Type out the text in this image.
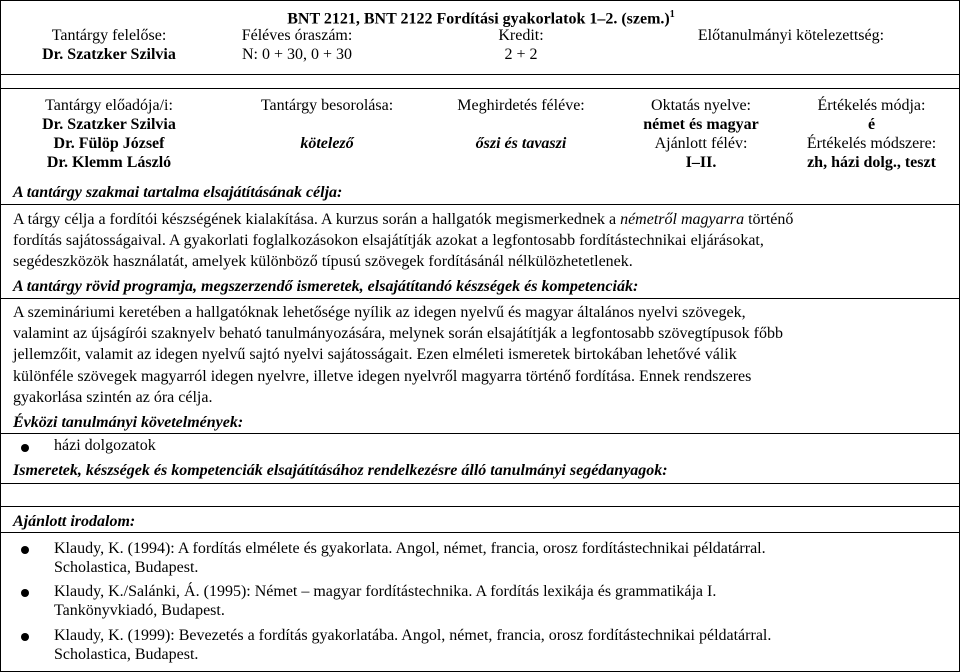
BNT 2121, BNT 2122 Fordítási gyakorlatok 1–2. (szem.)$^1$
Tantárgy felelőse:
Dr. Szatzker Szilvia
Féléves óraszám:
N: 0 + 30, 0 + 30
Kredit:
2 + 2
Előtanulmányi kötelezettség:
Tantárgy előadója/i:
Dr. Szatzker Szilvia
Dr. Fülöp József
Dr. Klemm László
Tantárgy besorolása:
kötelező
Meghirdetés féléve:
őszi és tavaszi
Oktatás nyelve:
német és magyar
Ajánlott félév:
I–II.
Értékelés módja:
é
Értékelés módszere:
zh, házi dolg., teszt
A tantárgy szakmai tartalma elsajátításának célja:
A tárgy célja a fordítói készségének kialakítása. A kurzus során a hallgatók megismerkednek a németről magyarra történő
fordítás sajátosságaival. A gyakorlati foglalkozásokon elsajátítják azokat a legfontosabb fordítástechnikai eljárásokat,
segédeszközök használatát, amelyek különböző típusú szövegek fordításánál nélkülözhetetlenek.
A tantárgy rövid programja, megszerzendő ismeretek, elsajátítandó készségek és kompetenciák:
A szemináriumi keretében a hallgatóknak lehetősége nyílik az idegen nyelvű és magyar általános nyelvi szövegek,
valamint az újságírói szaknyelv beható tanulmányozására, melynek során elsajátítják a legfontosabb szövegtípusok főbb
jellemzőit, valamit az idegen nyelvű sajtó nyelvi sajátosságait. Ezen elméleti ismeretek birtokában lehetővé válik
különféle szövegek magyarról idegen nyelvre, illetve idegen nyelvről magyarra történő fordítása. Ennek rendszeres
gyakorlása szintén az óra célja.
Évközi tanulmányi követelmények:
házi dolgozatok
Ismeretek, készségek és kompetenciák elsajátításához rendelkezésre álló tanulmányi segédanyagok:
Ajánlott irodalom:
Klaudy, K. (1994): A fordítás elmélete és gyakorlata. Angol, német, francia, orosz fordítástechnikai példatárral.
Scholastica, Budapest.
Klaudy, K./Salánki, Á. (1995): Német – magyar fordítástechnika. A fordítás lexikája és grammatikája I.
Tankönyvkiadó, Budapest.
Klaudy, K. (1999): Bevezetés a fordítás gyakorlatába. Angol, német, francia, orosz fordítástechnikai példatárral.
Scholastica, Budapest.
